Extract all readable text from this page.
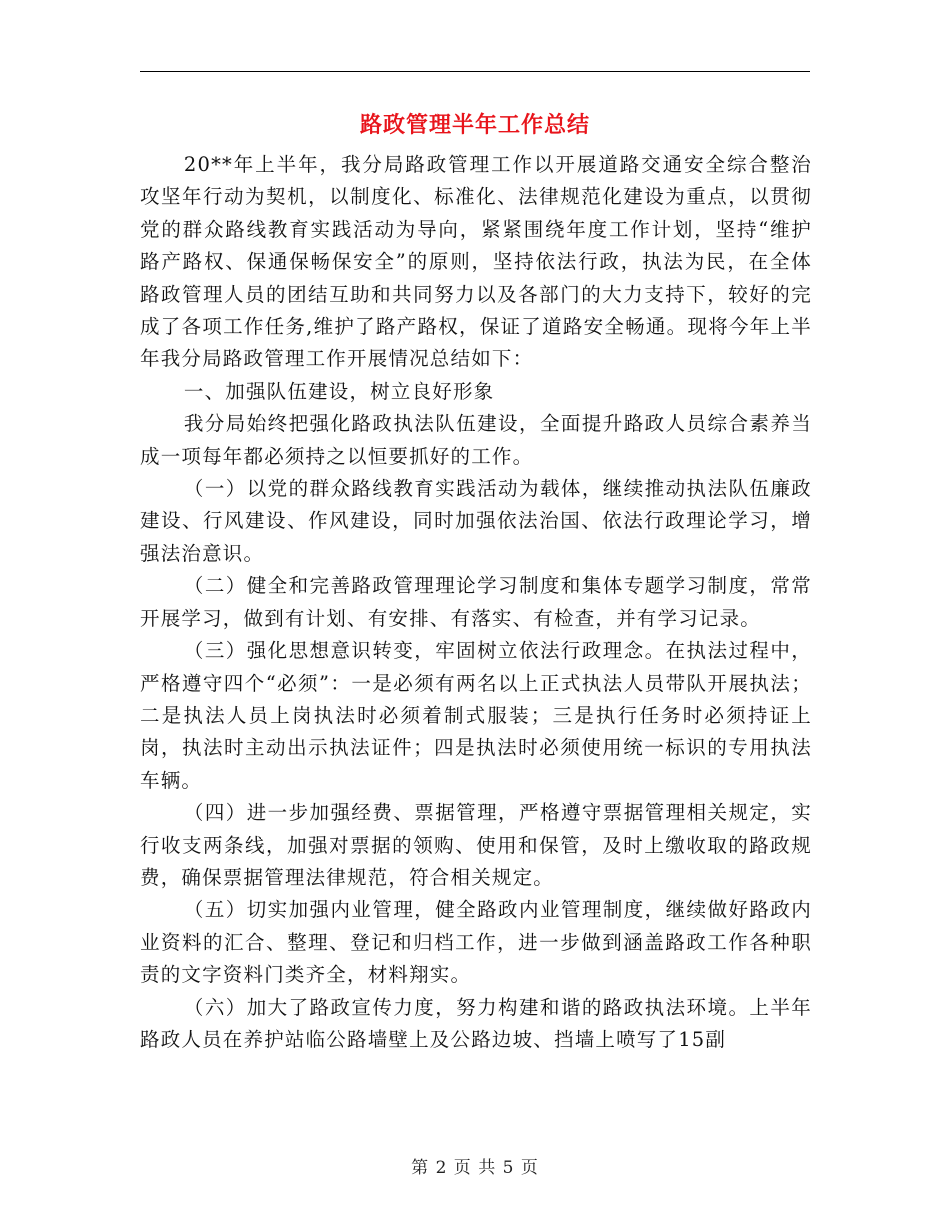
路政管理半年工作总结

20**年上半年，我分局路政管理工作以开展道路交通安全综合整治攻坚年行动为契机，以制度化、标准化、法律规范化建设为重点，以贯彻党的群众路线教育实践活动为导向，紧紧围绕年度工作计划，坚持“维护路产路权、保通保畅保安全”的原则，坚持依法行政，执法为民，在全体路政管理人员的团结互助和共同努力以及各部门的大力支持下，较好的完成了各项工作任务,维护了路产路权，保证了道路安全畅通。现将今年上半年我分局路政管理工作开展情况总结如下：

一、加强队伍建设，树立良好形象

我分局始终把强化路政执法队伍建设，全面提升路政人员综合素养当成一项每年都必须持之以恒要抓好的工作。

（一）以党的群众路线教育实践活动为载体，继续推动执法队伍廉政建设、行风建设、作风建设，同时加强依法治国、依法行政理论学习，增强法治意识。

（二）健全和完善路政管理理论学习制度和集体专题学习制度，常常开展学习，做到有计划、有安排、有落实、有检查，并有学习记录。

（三）强化思想意识转变，牢固树立依法行政理念。在执法过程中，严格遵守四个“必须”：一是必须有两名以上正式执法人员带队开展执法；二是执法人员上岗执法时必须着制式服装；三是执行任务时必须持证上岗，执法时主动出示执法证件；四是执法时必须使用统一标识的专用执法车辆。

（四）进一步加强经费、票据管理，严格遵守票据管理相关规定，实行收支两条线，加强对票据的领购、使用和保管，及时上缴收取的路政规费，确保票据管理法律规范，符合相关规定。

（五）切实加强内业管理，健全路政内业管理制度，继续做好路政内业资料的汇合、整理、登记和归档工作，进一步做到涵盖路政工作各种职责的文字资料门类齐全，材料翔实。

（六）加大了路政宣传力度，努力构建和谐的路政执法环境。上半年路政人员在养护站临公路墙壁上及公路边坡、挡墙上喷写了15副

第 2 页 共 5 页
